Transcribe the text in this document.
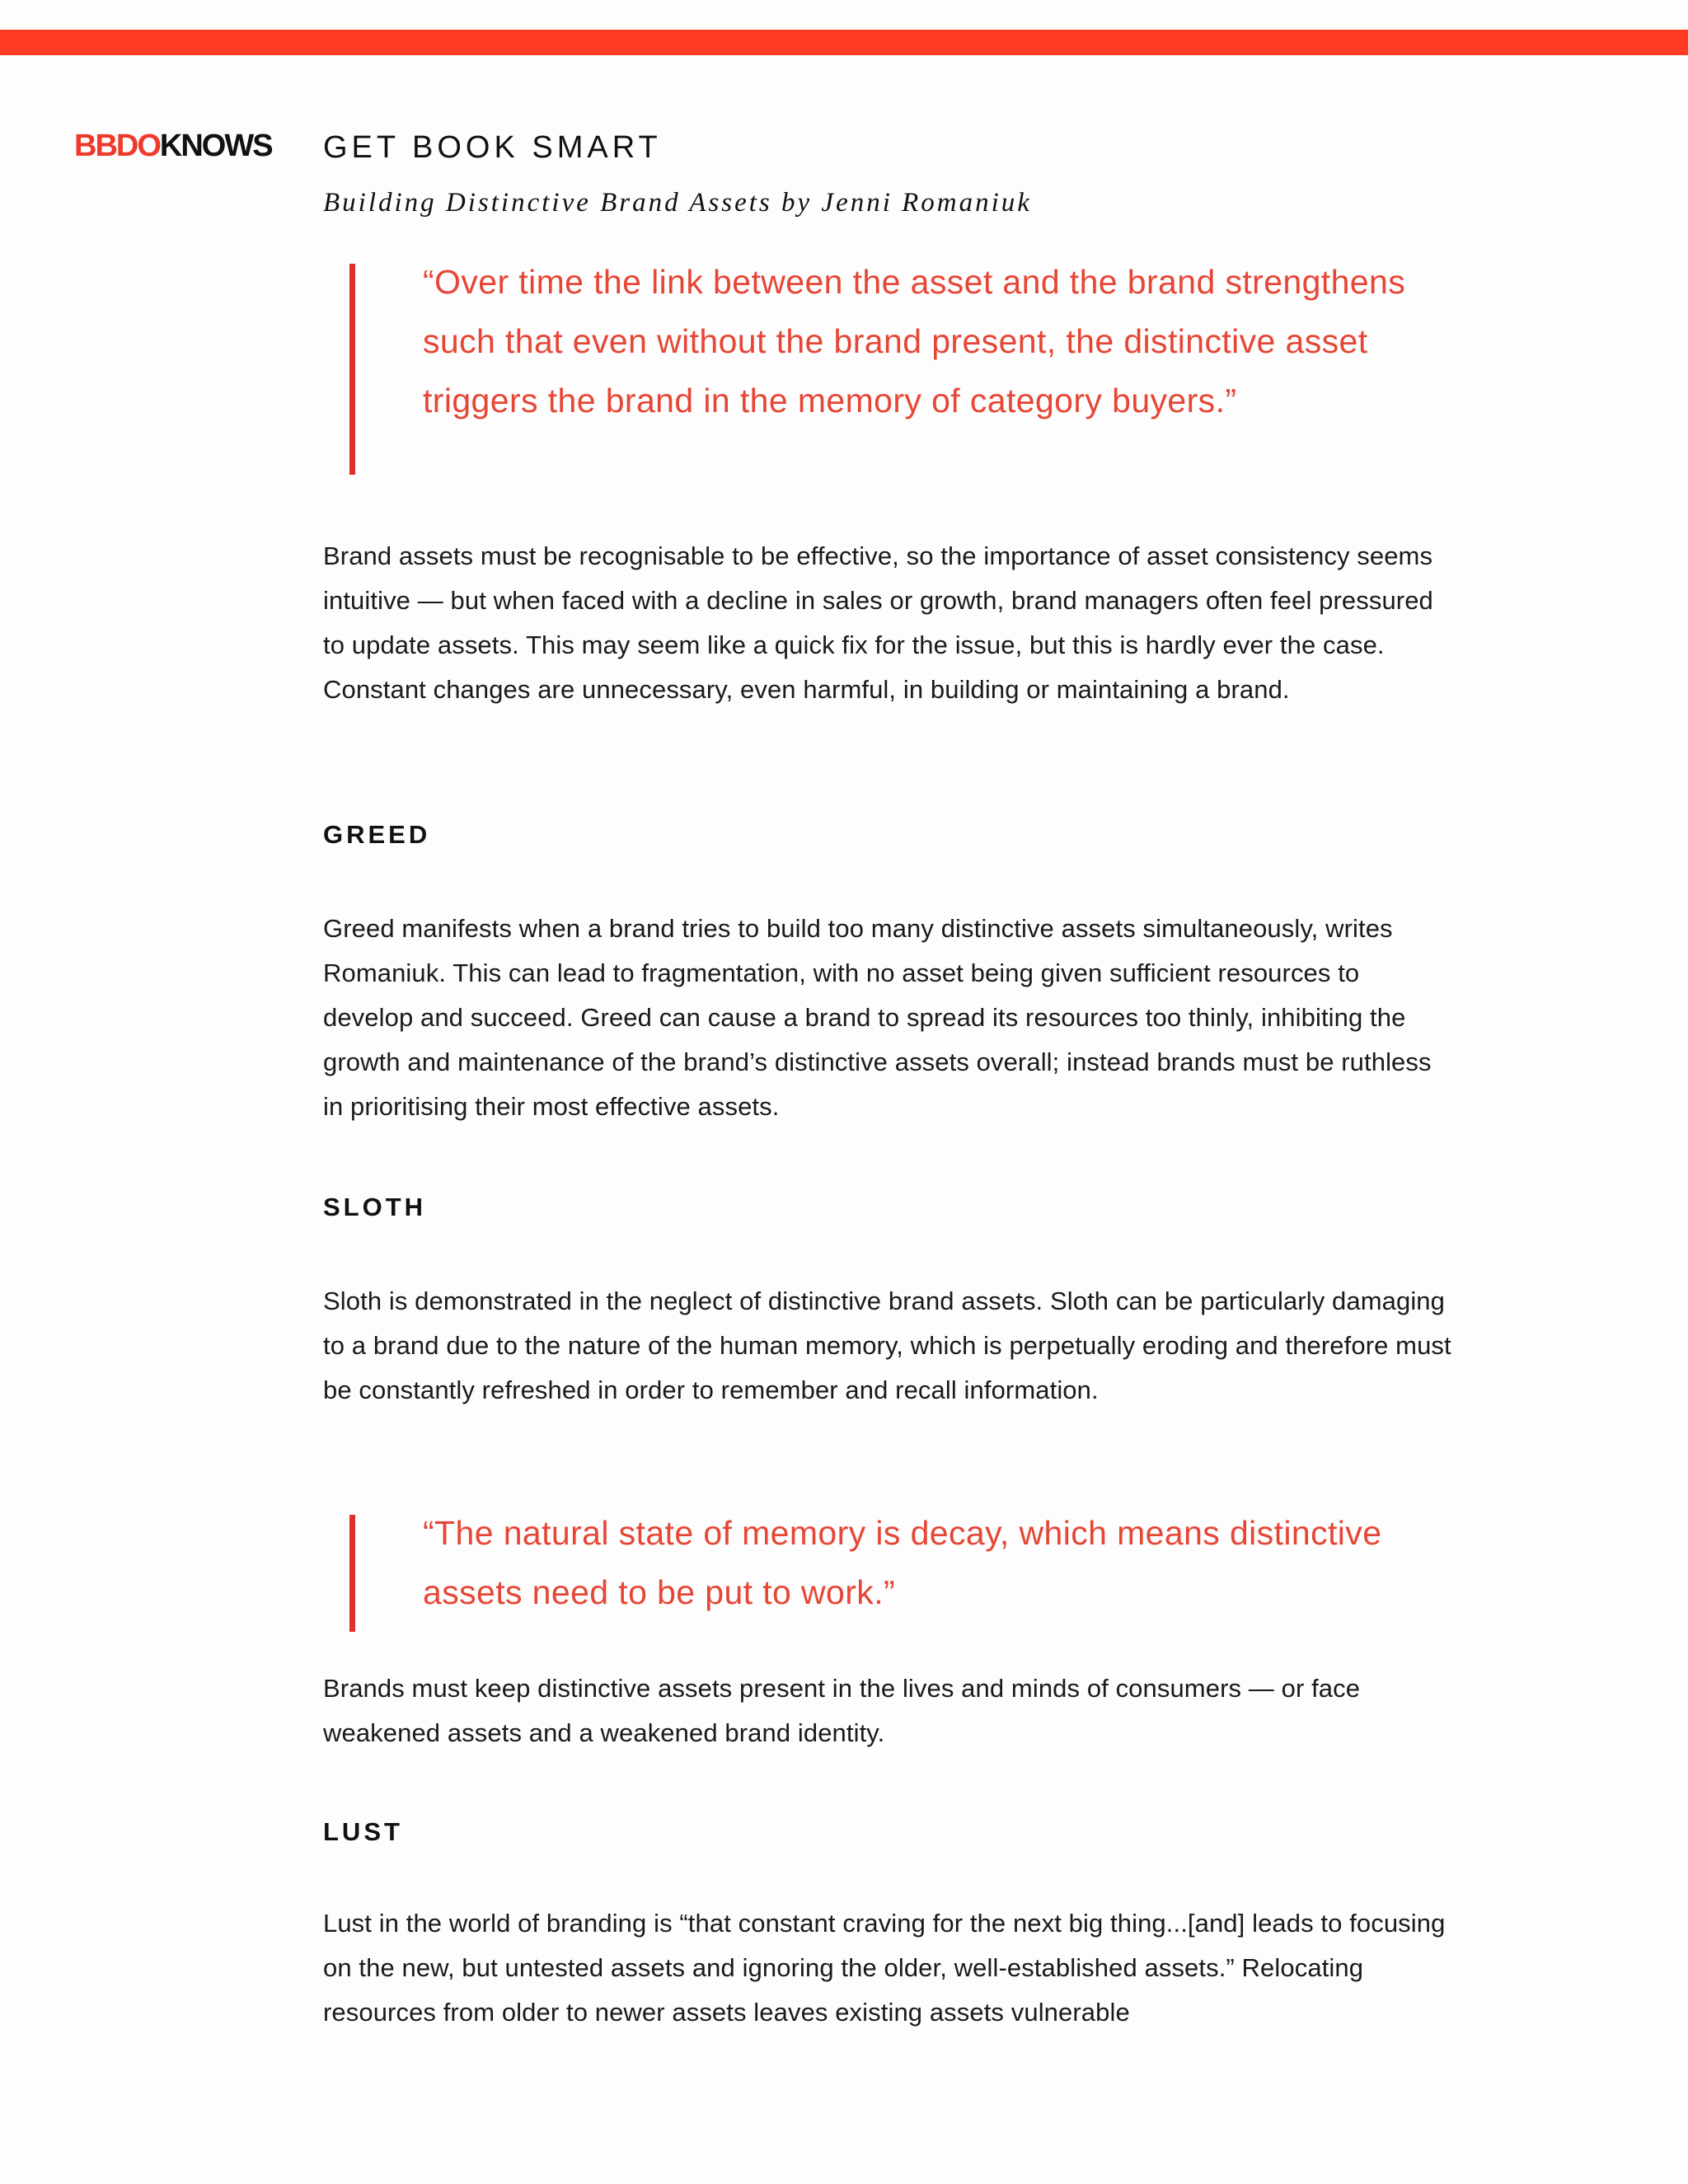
BBDOKNOWS GET BOOK SMART
Building Distinctive Brand Assets by Jenni Romaniuk

“Over time the link between the asset and the brand strengthens such that even without the brand present, the distinctive asset triggers the brand in the memory of category buyers.”

Brand assets must be recognisable to be effective, so the importance of asset consistency seems intuitive — but when faced with a decline in sales or growth, brand managers often feel pressured to update assets. This may seem like a quick fix for the issue, but this is hardly ever the case. Constant changes are unnecessary, even harmful, in building or maintaining a brand.

GREED

Greed manifests when a brand tries to build too many distinctive assets simultaneously, writes Romaniuk. This can lead to fragmentation, with no asset being given sufficient resources to develop and succeed. Greed can cause a brand to spread its resources too thinly, inhibiting the growth and maintenance of the brand’s distinctive assets overall; instead brands must be ruthless in prioritising their most effective assets.

SLOTH

Sloth is demonstrated in the neglect of distinctive brand assets. Sloth can be particularly damaging to a brand due to the nature of the human memory, which is perpetually eroding and therefore must be constantly refreshed in order to remember and recall information.

“The natural state of memory is decay, which means distinctive assets need to be put to work.”

Brands must keep distinctive assets present in the lives and minds of consumers — or face weakened assets and a weakened brand identity.

LUST

Lust in the world of branding is “that constant craving for the next big thing...[and] leads to focusing on the new, but untested assets and ignoring the older, well-established assets.” Relocating resources from older to newer assets leaves existing assets vulnerable
